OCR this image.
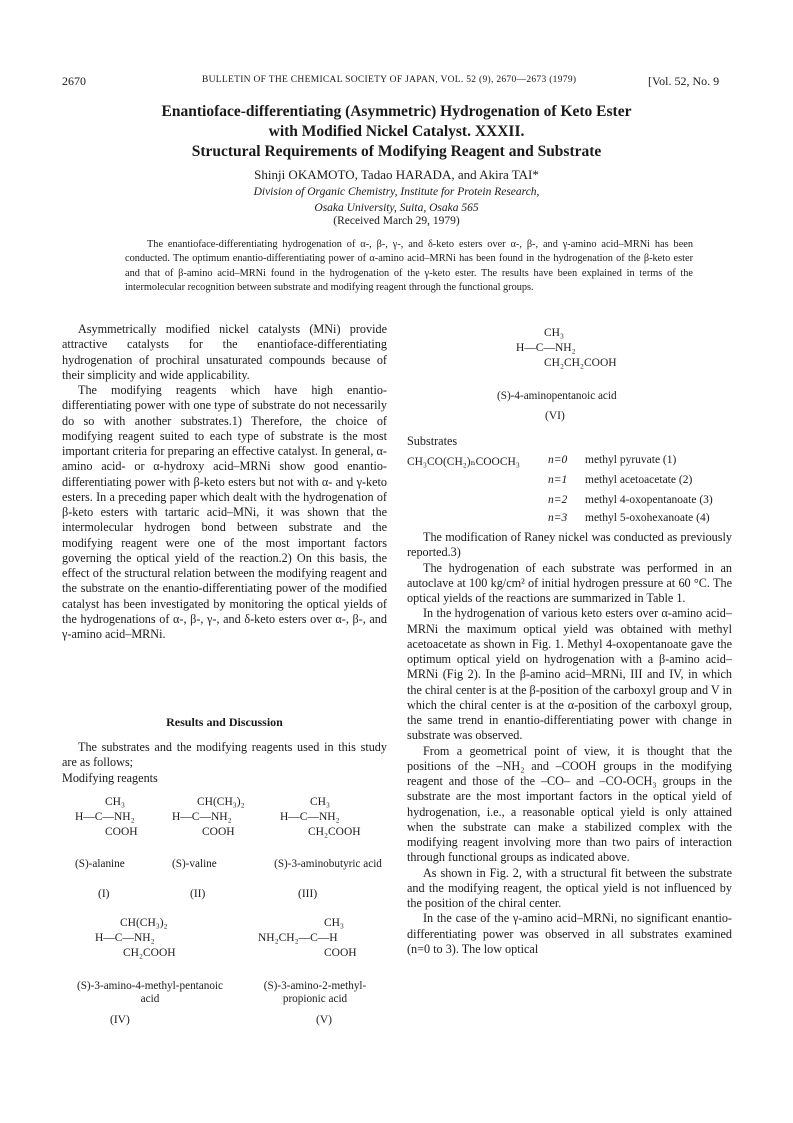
2670	BULLETIN OF THE CHEMICAL SOCIETY OF JAPAN, VOL. 52 (9), 2670—2673 (1979)	[Vol. 52, No. 9
Enantioface-differentiating (Asymmetric) Hydrogenation of Keto Ester
with Modified Nickel Catalyst. XXXII.
Structural Requirements of Modifying Reagent and Substrate
Shinji OKAMOTO, Tadao HARADA, and Akira TAI*
Division of Organic Chemistry, Institute for Protein Research,
Osaka University, Suita, Osaka 565
(Received March 29, 1979)
The enantioface-differentiating hydrogenation of α-, β-, γ-, and δ-keto esters over α-, β-, and γ-amino acid–MRNi has been conducted. The optimum enantio-differentiating power of α-amino acid–MRNi has been found in the hydrogenation of the β-keto ester and that of β-amino acid–MRNi found in the hydrogenation of the γ-keto ester. The results have been explained in terms of the intermolecular recognition between substrate and modifying reagent through the functional groups.

Asymmetrically modified nickel catalysts (MNi) provide attractive catalysts for the enantioface-differentiating hydrogenation of prochiral unsaturated compounds because of their simplicity and wide applicability.

The modifying reagents which have high enantio-differentiating power with one type of substrate do not necessarily do so with another substrates.1) Therefore, the choice of modifying reagent suited to each type of substrate is the most important criteria for preparing an effective catalyst. In general, α-amino acid- or α-hydroxy acid–MRNi show good enantio-differentiating power with β-keto esters but not with α- and γ-keto esters. In a preceding paper which dealt with the hydrogenation of β-keto esters with tartaric acid–MNi, it was shown that the intermolecular hydrogen bond between substrate and the modifying reagent were one of the most important factors governing the optical yield of the reaction.2) On this basis, the effect of the structural relation between the modifying reagent and the substrate on the enantio-differentiating power of the modified catalyst has been investigated by monitoring the optical yields of the hydrogenations of α-, β-, γ-, and δ-keto esters over α-, β-, and γ-amino acid–MRNi.

Results and Discussion

The substrates and the modifying reagents used in this study are as follows;

Modifying reagents

CH₃
H—C—NH₂
COOH
(S)-alanine
(I)
CH(CH₃)₂
H—C—NH₂
COOH
(S)-valine
(II)
CH₃
H—C—NH₂
CH₂COOH
(S)-3-aminobutyric acid
(III)
CH(CH₃)₂
H—C—NH₂
CH₂COOH
(S)-3-amino-4-methyl-pentanoic acid
(IV)
CH₃
NH₂CH₂—C—H
COOH
(S)-3-amino-2-methyl-propionic acid
(V)
CH₃
H—C—NH₂
CH₂CH₂COOH
(S)-4-aminopentanoic acid
(VI)
Substrates
CH₃CO(CH₂)ₙCOOCH₃ n=0 methyl pyruvate (1)
n=1 methyl acetoacetate (2)
n=2 methyl 4-oxopentanoate (3)
n=3 methyl 5-oxohexanoate (4)

The modification of Raney nickel was conducted as previously reported.3)

The hydrogenation of each substrate was performed in an autoclave at 100 kg/cm² of initial hydrogen pressure at 60 °C. The optical yields of the reactions are summarized in Table 1.

In the hydrogenation of various keto esters over α-amino acid–MRNi the maximum optical yield was obtained with methyl acetoacetate as shown in Fig. 1. Methyl 4-oxopentanoate gave the optimum optical yield on hydrogenation with a β-amino acid–MRNi (Fig 2). In the β-amino acid–MRNi, III and IV, in which the chiral center is at the β-position of the carboxyl group and V in which the chiral center is at the α-position of the carboxyl group, the same trend in enantio-differentiating power with change in substrate was observed.

From a geometrical point of view, it is thought that the positions of the –NH₂ and –COOH groups in the modifying reagent and those of the –CO– and –CO-OCH₃ groups in the substrate are the most important factors in the optical yield of hydrogenation, i.e., a reasonable optical yield is only attained when the substrate can make a stabilized complex with the modifying reagent involving more than two pairs of interaction through functional groups as indicated above.

As shown in Fig. 2, with a structural fit between the substrate and the modifying reagent, the optical yield is not influenced by the position of the chiral center.

In the case of the γ-amino acid–MRNi, no significant enantio-differentiating power was observed in all substrates examined (n=0 to 3). The low optical
